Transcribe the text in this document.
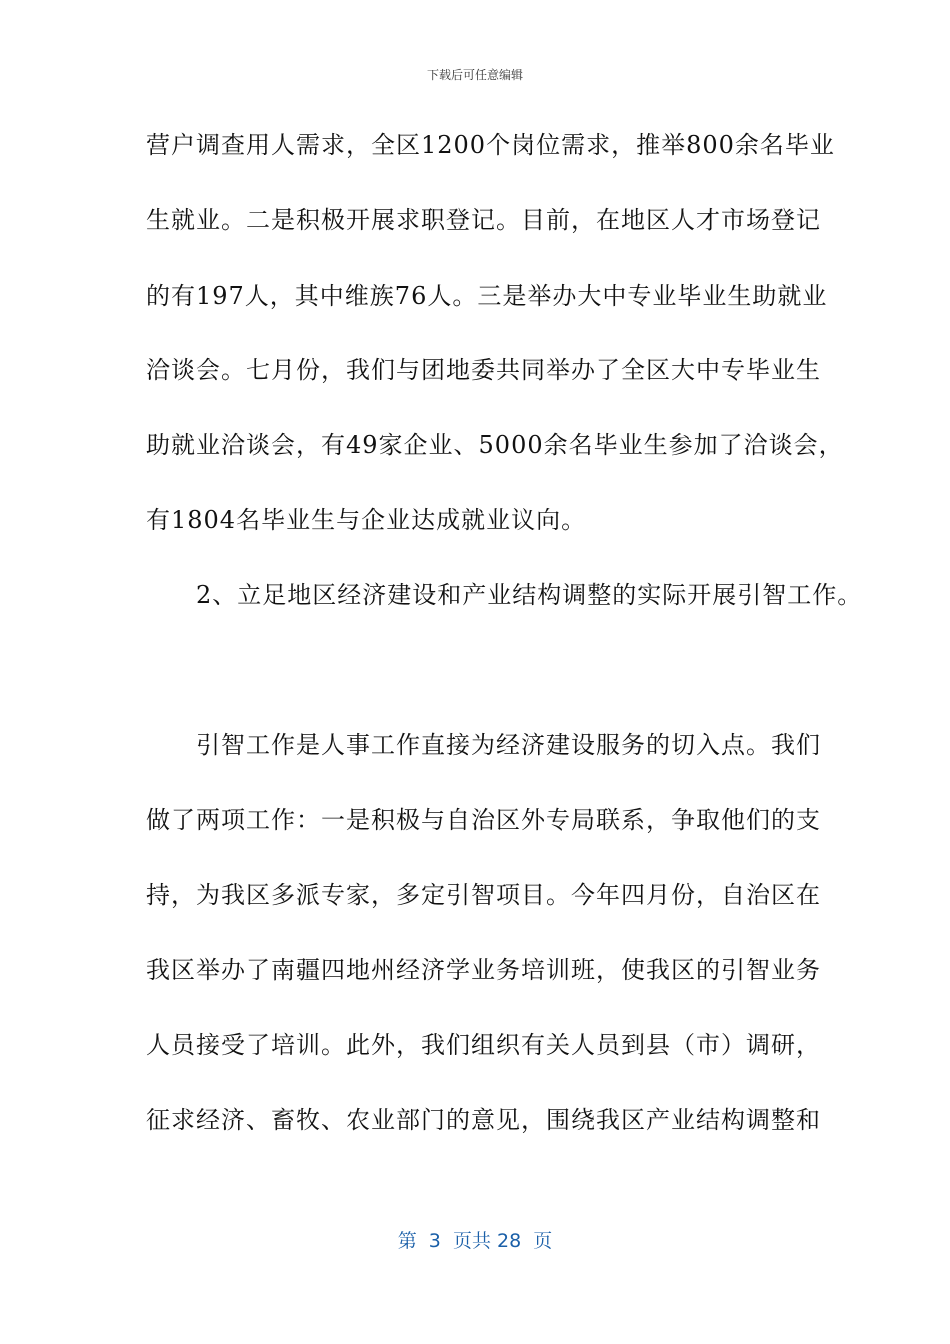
下载后可任意编辑

营户调查用人需求，全区1200个岗位需求，推举800余名毕业

生就业。二是积极开展求职登记。目前，在地区人才市场登记

的有197人，其中维族76人。三是举办大中专业毕业生助就业

洽谈会。七月份，我们与团地委共同举办了全区大中专毕业生

助就业洽谈会，有49家企业、5000余名毕业生参加了洽谈会，

有1804名毕业生与企业达成就业议向。

　　2、立足地区经济建设和产业结构调整的实际开展引智工作。

　　引智工作是人事工作直接为经济建设服务的切入点。我们

做了两项工作：一是积极与自治区外专局联系，争取他们的支

持，为我区多派专家，多定引智项目。今年四月份，自治区在

我区举办了南疆四地州经济学业务培训班，使我区的引智业务

人员接受了培训。此外，我们组织有关人员到县（市）调研，

征求经济、畜牧、农业部门的意见，围绕我区产业结构调整和

第  3  页共 28  页
